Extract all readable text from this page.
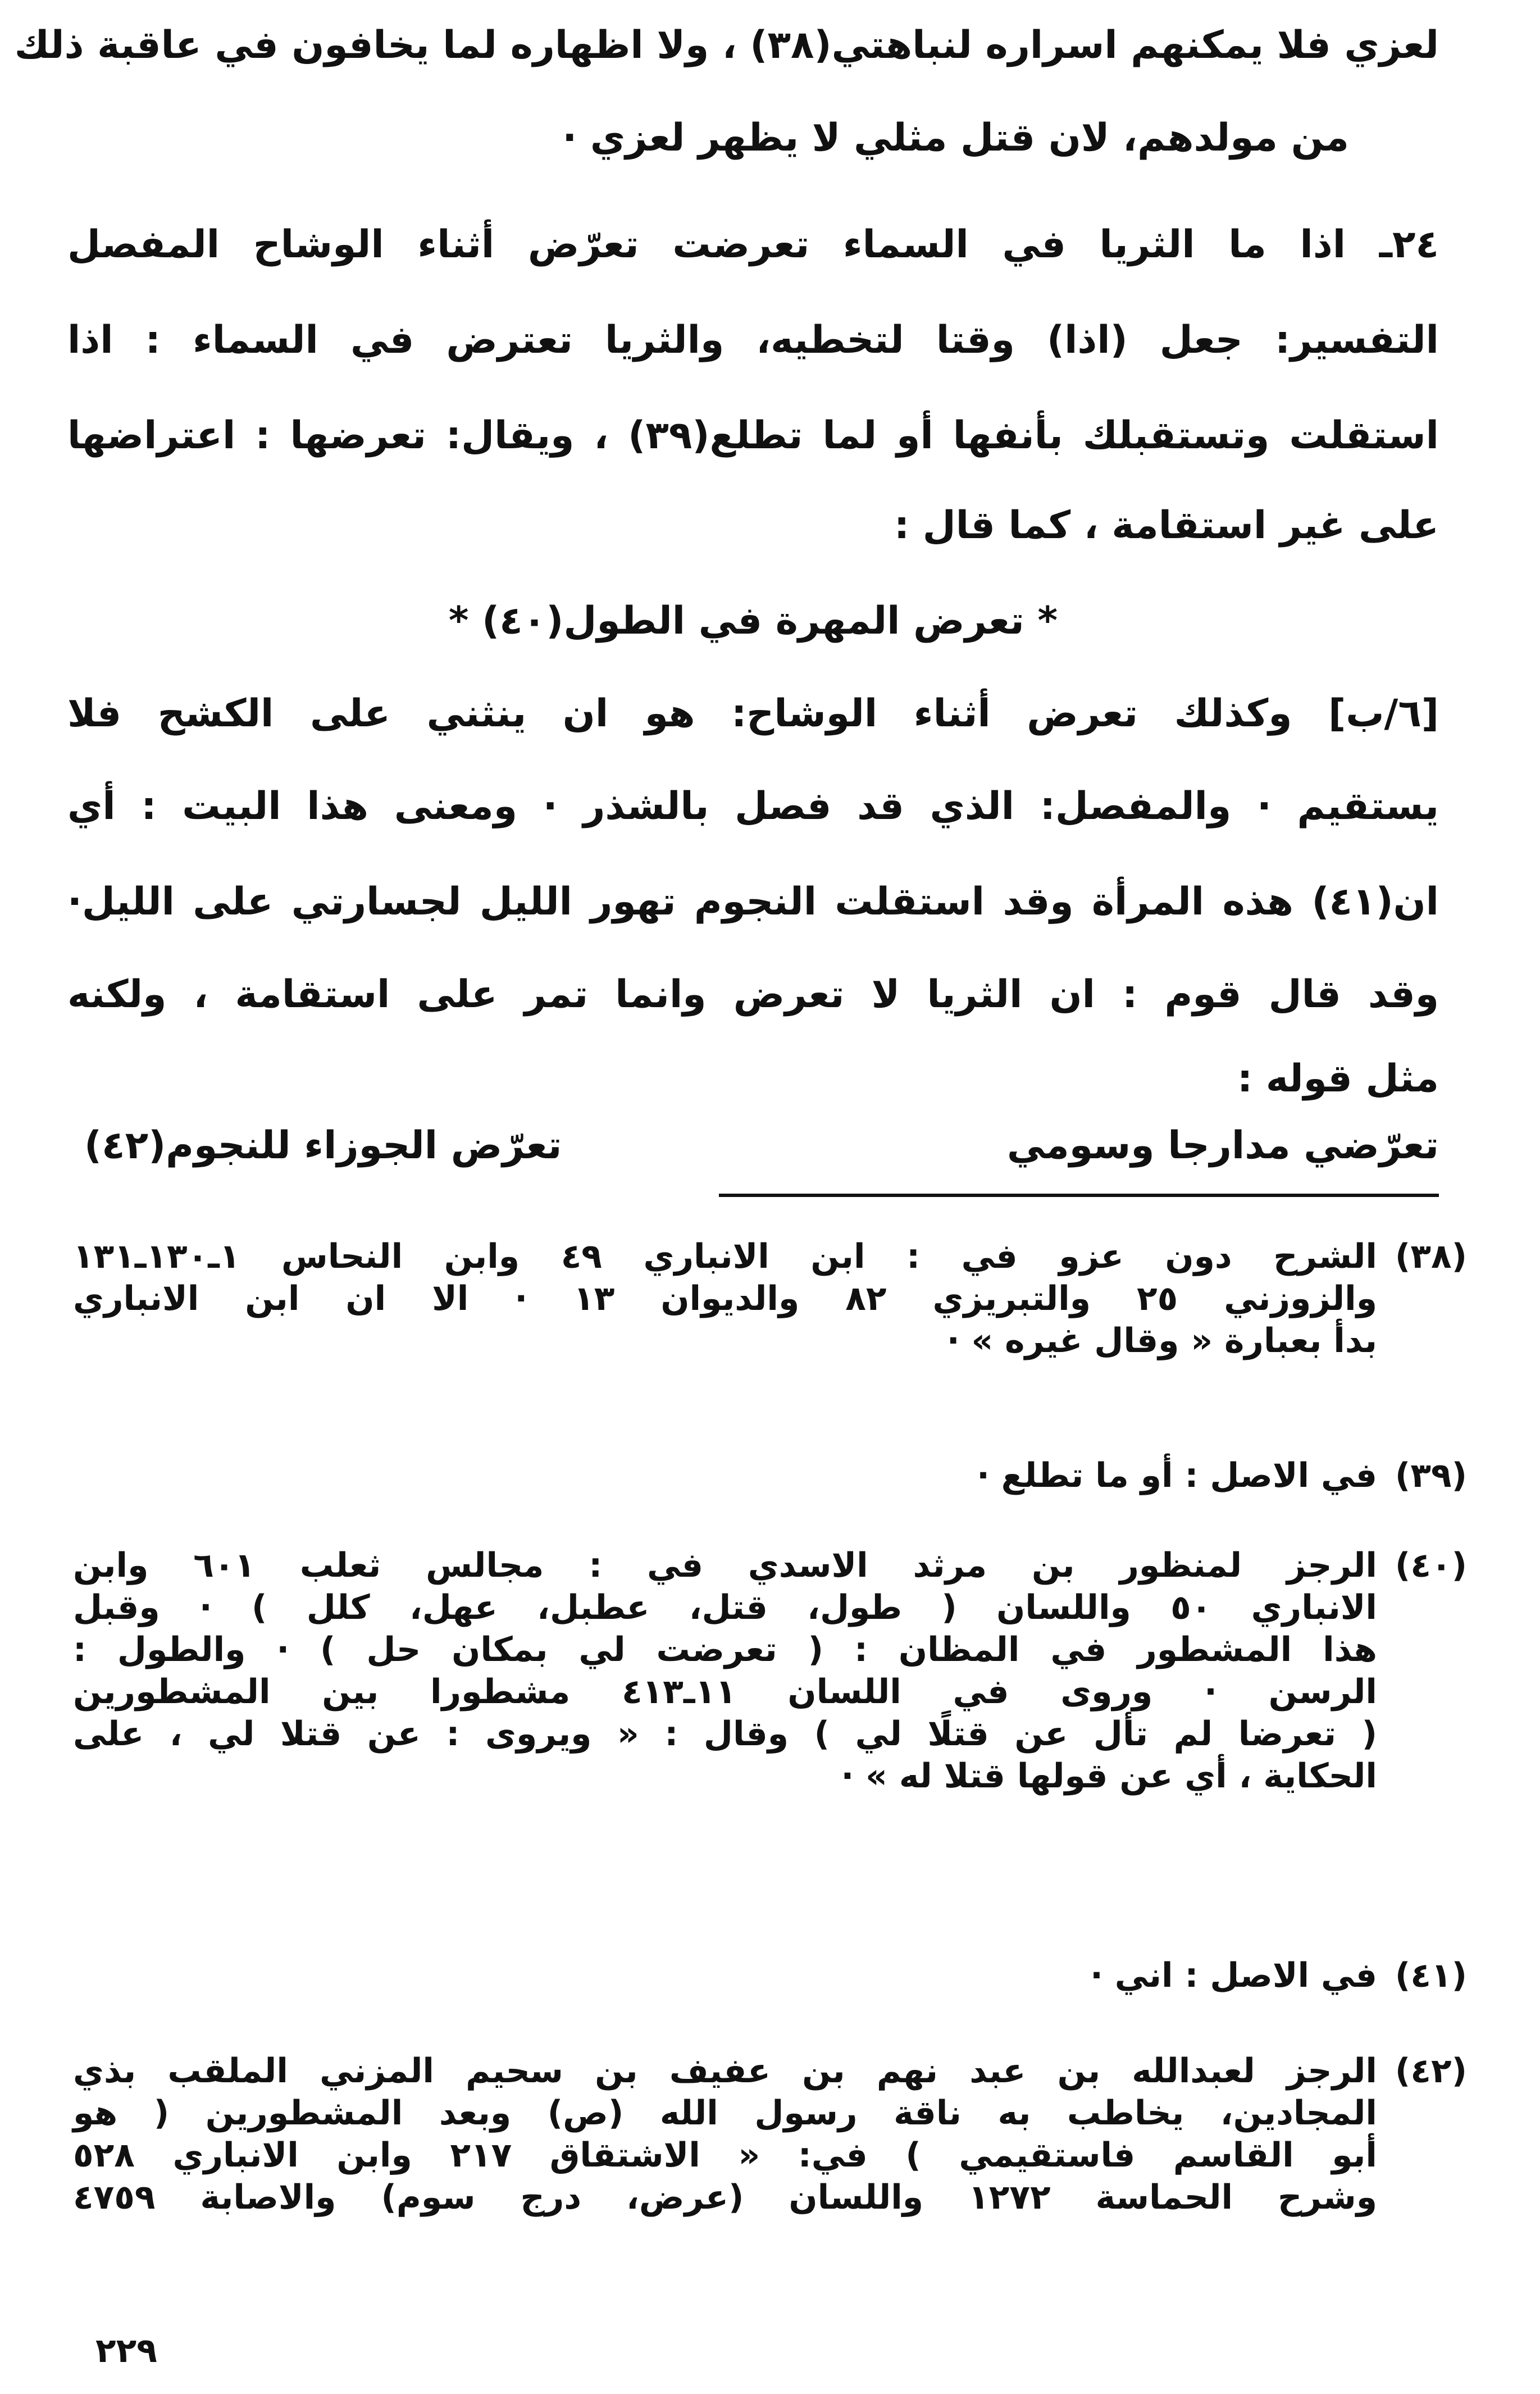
لعزي فلا يمكنهم اسراره لنباهتي(٣٨) ، ولا اظهاره لما يخافون في عاقبة ذلك

من مولدهم، لان قتل مثلي لا يظهر لعزي ·

٢٤ـ اذا ما الثريا في السماء تعرضت تعرّض أثناء الوشاح المفصل

التفسير: جعل (اذا) وقتا لتخطيه، والثريا تعترض في السماء : اذا

استقلت وتستقبلك بأنفها أو لما تطلع(٣٩) ، ويقال: تعرضها : اعتراضها

على غير استقامة ، كما قال :

* تعرض المهرة في الطول(٤٠) *

[٦/ب] وكذلك تعرض أثناء الوشاح: هو ان ينثني على الكشح فلا

يستقيم · والمفصل: الذي قد فصل بالشذر · ومعنى هذا البيت : أي

ان(٤١) هذه المرأة وقد استقلت النجوم تهور الليل لجسارتي على الليل·

وقد قال قوم : ان الثريا لا تعرض وانما تمر على استقامة ، ولكنه

مثل قوله :

تعرّضي مدارجا وسومي
تعرّض الجوزاء للنجوم(٤٢)
(٣٨)الشرح دون عزو في : ابن الانباري ٤٩ وابن النحاس ١ـ١٣٠ـ١٣١
والزوزني ٢٥ والتبريزي ٨٢ والديوان ١٣ · الا ان ابن الانباري
بدأ بعبارة « وقال غيره » ·
(٣٩)في الاصل : أو ما تطلع ·
(٤٠)الرجز لمنظور بن مرثد الاسدي في : مجالس ثعلب ٦٠١ وابن
الانباري ٥٠ واللسان ( طول، قتل، عطبل، عهل، كلل ) · وقبل
هذا المشطور في المظان : ( تعرضت لي بمكان حل ) · والطول :
الرسن · وروى في اللسان ١١ـ٤١٣ مشطورا بين المشطورين
( تعرضا لم تأل عن قتلًا لي ) وقال : « ويروى : عن قتلا لي ، على
الحكاية ، أي عن قولها قتلا له » ·
(٤١)في الاصل : اني ·
(٤٢)الرجز لعبدالله بن عبد نهم بن عفيف بن سحيم المزني الملقب بذي
المجادين، يخاطب به ناقة رسول الله (ص) وبعد المشطورين ( هو
أبو القاسم فاستقيمي ) في: « الاشتقاق ٢١٧ وابن الانباري ٥٢٨
وشرح الحماسة ١٢٧٢ واللسان (عرض، درج سوم) والاصابة ٤٧٥٩
٢٢٩
